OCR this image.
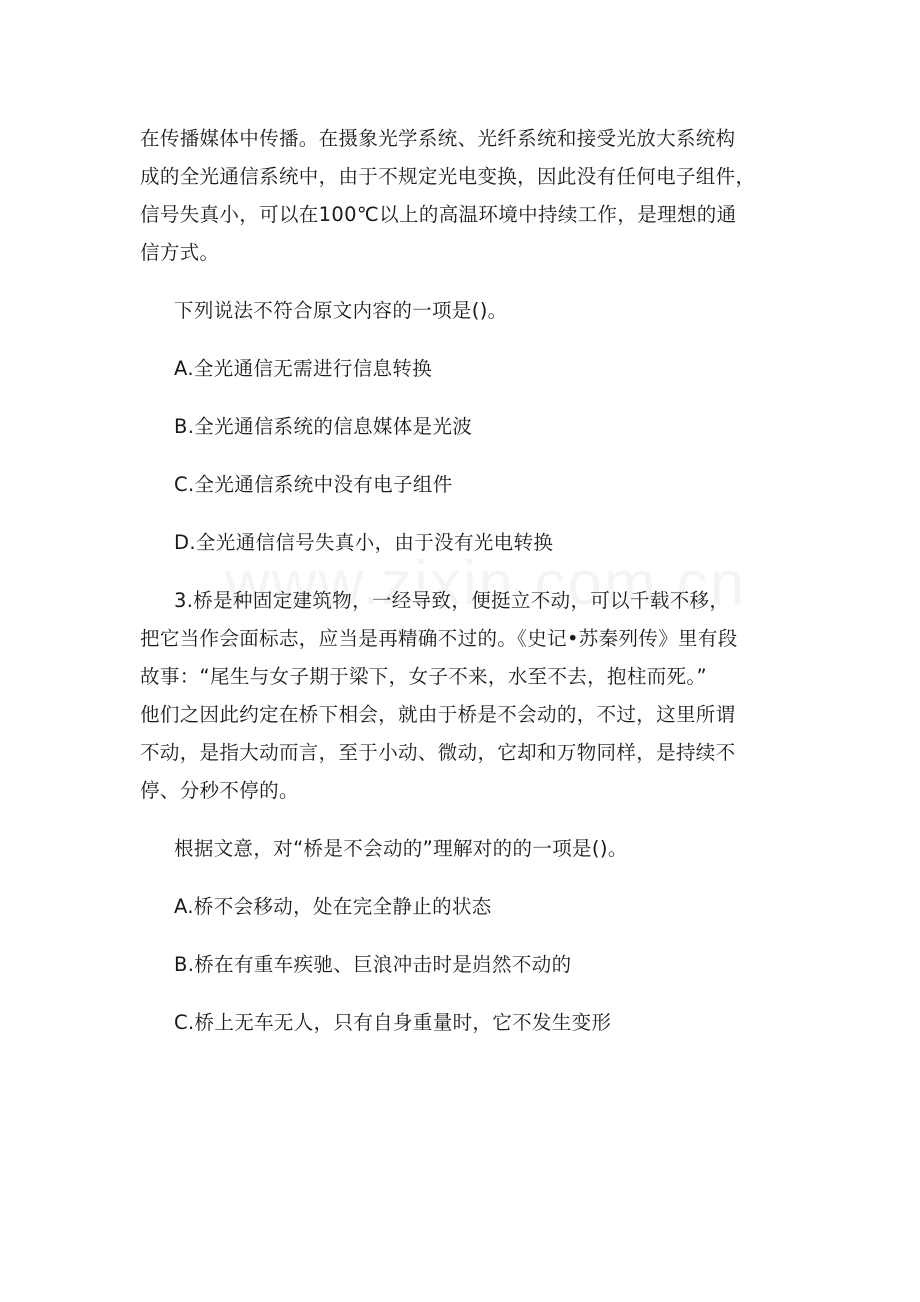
在传播媒体中传播。在摄象光学系统、光纤系统和接受光放大系统构
成的全光通信系统中，由于不规定光电变换，因此没有任何电子组件，
信号失真小，可以在100℃以上的高温环境中持续工作，是理想的通
信方式。

下列说法不符合原文内容的一项是()。

A.全光通信无需进行信息转换

B.全光通信系统的信息媒体是光波

C.全光通信系统中没有电子组件

D.全光通信信号失真小，由于没有光电转换

3.桥是种固定建筑物，一经导致，便挺立不动，可以千载不移，
把它当作会面标志，应当是再精确不过的。《史记•苏秦列传》里有段
故事：“尾生与女子期于梁下，女子不来，水至不去，抱柱而死。”
他们之因此约定在桥下相会，就由于桥是不会动的，不过，这里所谓
不动，是指大动而言，至于小动、微动，它却和万物同样，是持续不
停、分秒不停的。

根据文意，对“桥是不会动的”理解对的的一项是()。

A.桥不会移动，处在完全静止的状态

B.桥在有重车疾驰、巨浪冲击时是岿然不动的

C.桥上无车无人，只有自身重量时，它不发生变形
